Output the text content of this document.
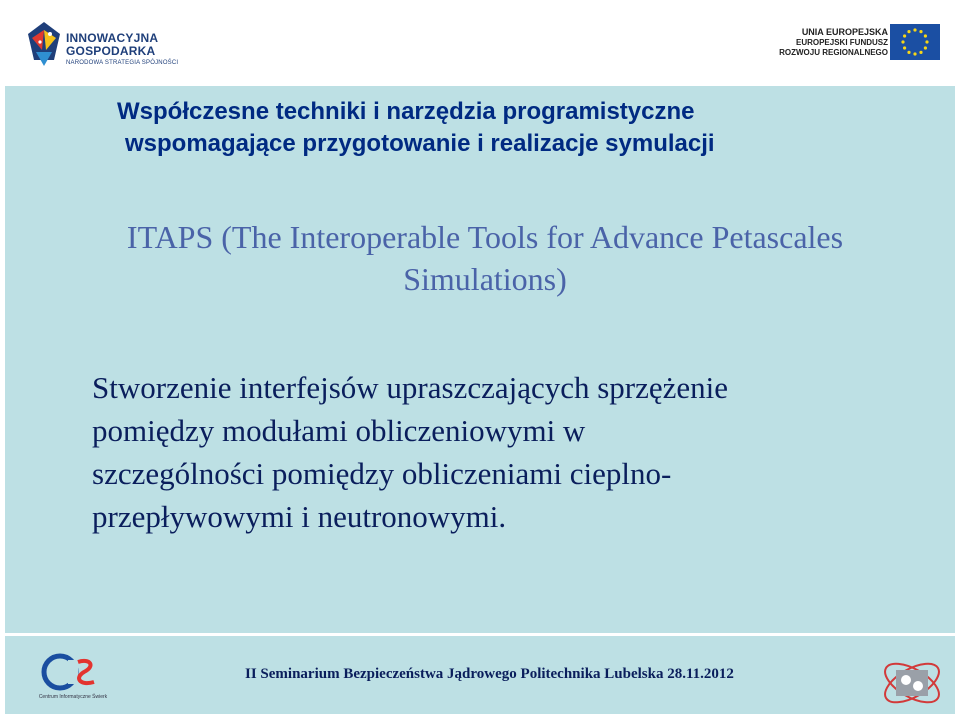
INNOWACYJNA
GOSPODARKA
NARODOWA STRATEGIA SPÓJNOŚCI
UNIA EUROPEJSKA
EUROPEJSKI FUNDUSZ
ROZWOJU REGIONALNEGO
Współczesne techniki i narzędzia programistyczne
wspomagające przygotowanie i realizacje symulacji
ITAPS (The Interoperable Tools for Advance Petascales
Simulations)
Stworzenie interfejsów upraszczających sprzężenie
pomiędzy modułami obliczeniowymi w
szczególności pomiędzy obliczeniami cieplno-
przepływowymi i neutronowymi.
Centrum Informatyczne Świerk
II Seminarium Bezpieczeństwa Jądrowego Politechnika Lubelska 28.11.2012
